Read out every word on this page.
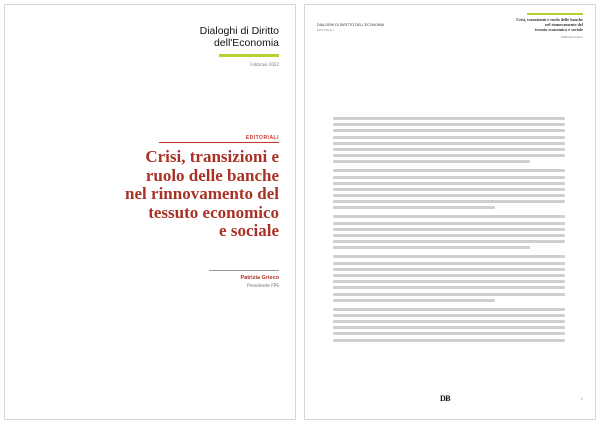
Dialoghi di Diritto
dell'Economia
Febbraio 2022
EDITORIALI
Crisi, transizioni e
ruolo delle banche
nel rinnovamento del
tessuto economico
e sociale
Patrizia Grieco
Presidente FPS
DIALOGHI DI DIRITTO DELL'ECONOMIA
EDITORIALI
Crisi, transizioni e ruolo delle banche
nel rinnovamento del
tessuto economico e sociale
Patrizia Grieco
DB	1
